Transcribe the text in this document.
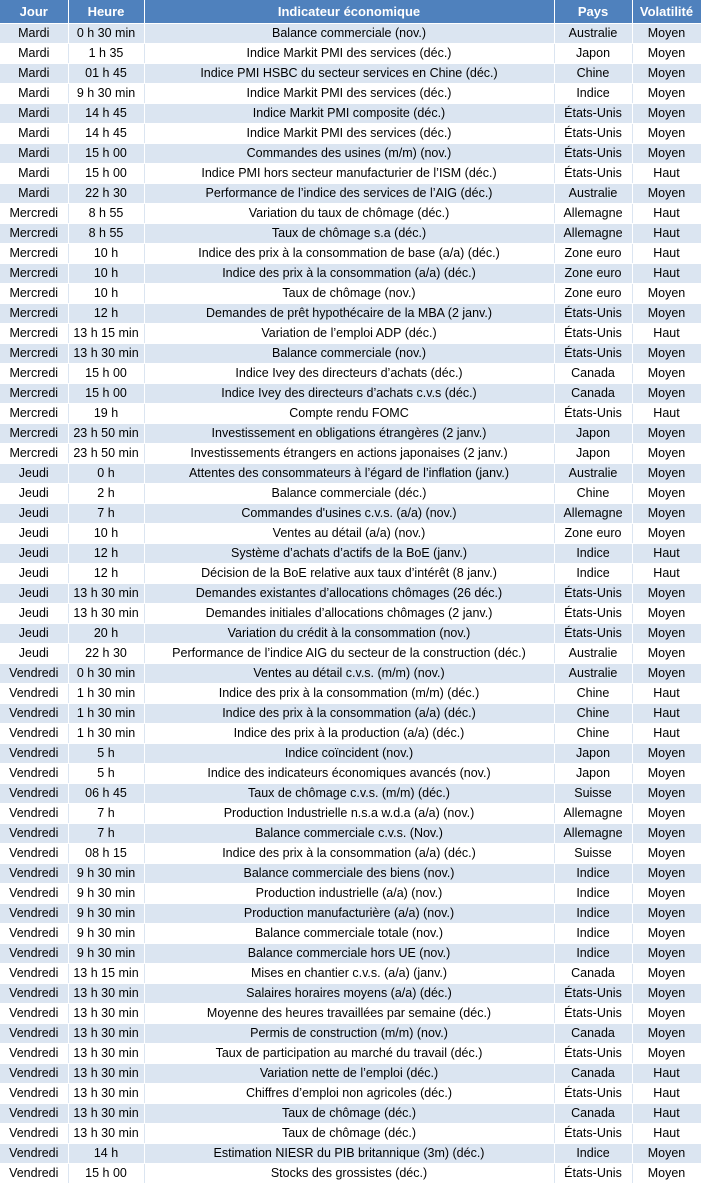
Jour	Heure	Indicateur économique	Pays	Volatilité
Mardi	0 h 30 min	Balance commerciale (nov.)	Australie	Moyen
Mardi	1 h 35	Indice Markit PMI des services (déc.)	Japon	Moyen
Mardi	01 h 45	Indice PMI HSBC du secteur services en Chine (déc.)	Chine	Moyen
Mardi	9 h 30 min	Indice Markit PMI des services (déc.)	Indice	Moyen
Mardi	14 h 45	Indice Markit PMI composite (déc.)	États-Unis	Moyen
Mardi	14 h 45	Indice Markit PMI des services (déc.)	États-Unis	Moyen
Mardi	15 h 00	Commandes des usines (m/m) (nov.)	États-Unis	Moyen
Mardi	15 h 00	Indice PMI hors secteur manufacturier de l’ISM (déc.)	États-Unis	Haut
Mardi	22 h 30	Performance de l’indice des services de l’AIG (déc.)	Australie	Moyen
Mercredi	8 h 55	Variation du taux de chômage (déc.)	Allemagne	Haut
Mercredi	8 h 55	Taux de chômage s.a (déc.)	Allemagne	Haut
Mercredi	10 h	Indice des prix à la consommation de base (a/a) (déc.)	Zone euro	Haut
Mercredi	10 h	Indice des prix à la consommation (a/a) (déc.)	Zone euro	Haut
Mercredi	10 h	Taux de chômage (nov.)	Zone euro	Moyen
Mercredi	12 h	Demandes de prêt hypothécaire de la MBA (2 janv.)	États-Unis	Moyen
Mercredi	13 h 15 min	Variation de l’emploi ADP (déc.)	États-Unis	Haut
Mercredi	13 h 30 min	Balance commerciale (nov.)	États-Unis	Moyen
Mercredi	15 h 00	Indice Ivey des directeurs d’achats (déc.)	Canada	Moyen
Mercredi	15 h 00	Indice Ivey des directeurs d’achats c.v.s (déc.)	Canada	Moyen
Mercredi	19 h	Compte rendu FOMC	États-Unis	Haut
Mercredi	23 h 50 min	Investissement en obligations étrangères (2 janv.)	Japon	Moyen
Mercredi	23 h 50 min	Investissements étrangers en actions japonaises (2 janv.)	Japon	Moyen
Jeudi	0 h	Attentes des consommateurs à l’égard de l’inflation (janv.)	Australie	Moyen
Jeudi	2 h	Balance commerciale (déc.)	Chine	Moyen
Jeudi	7 h	Commandes d'usines c.v.s. (a/a) (nov.)	Allemagne	Moyen
Jeudi	10 h	Ventes au détail (a/a) (nov.)	Zone euro	Moyen
Jeudi	12 h	Système d’achats d’actifs de la BoE (janv.)	Indice	Haut
Jeudi	12 h	Décision de la BoE relative aux taux d’intérêt (8 janv.)	Indice	Haut
Jeudi	13 h 30 min	Demandes existantes d’allocations chômages (26 déc.)	États-Unis	Moyen
Jeudi	13 h 30 min	Demandes initiales d’allocations chômages (2 janv.)	États-Unis	Moyen
Jeudi	20 h	Variation du crédit à la consommation (nov.)	États-Unis	Moyen
Jeudi	22 h 30	Performance de l’indice AIG du secteur de la construction (déc.)	Australie	Moyen
Vendredi	0 h 30 min	Ventes au détail c.v.s. (m/m) (nov.)	Australie	Moyen
Vendredi	1 h 30 min	Indice des prix à la consommation (m/m) (déc.)	Chine	Haut
Vendredi	1 h 30 min	Indice des prix à la consommation (a/a) (déc.)	Chine	Haut
Vendredi	1 h 30 min	Indice des prix à la production (a/a) (déc.)	Chine	Haut
Vendredi	5 h	Indice coïncident (nov.)	Japon	Moyen
Vendredi	5 h	Indice des indicateurs économiques avancés (nov.)	Japon	Moyen
Vendredi	06 h 45	Taux de chômage c.v.s. (m/m) (déc.)	Suisse	Moyen
Vendredi	7 h	Production Industrielle n.s.a w.d.a (a/a) (nov.)	Allemagne	Moyen
Vendredi	7 h	Balance commerciale c.v.s. (Nov.)	Allemagne	Moyen
Vendredi	08 h 15	Indice des prix à la consommation (a/a) (déc.)	Suisse	Moyen
Vendredi	9 h 30 min	Balance commerciale des biens (nov.)	Indice	Moyen
Vendredi	9 h 30 min	Production industrielle (a/a) (nov.)	Indice	Moyen
Vendredi	9 h 30 min	Production manufacturière (a/a) (nov.)	Indice	Moyen
Vendredi	9 h 30 min	Balance commerciale totale (nov.)	Indice	Moyen
Vendredi	9 h 30 min	Balance commerciale hors UE (nov.)	Indice	Moyen
Vendredi	13 h 15 min	Mises en chantier c.v.s. (a/a) (janv.)	Canada	Moyen
Vendredi	13 h 30 min	Salaires horaires moyens (a/a) (déc.)	États-Unis	Moyen
Vendredi	13 h 30 min	Moyenne des heures travaillées par semaine (déc.)	États-Unis	Moyen
Vendredi	13 h 30 min	Permis de construction (m/m) (nov.)	Canada	Moyen
Vendredi	13 h 30 min	Taux de participation au marché du travail (déc.)	États-Unis	Moyen
Vendredi	13 h 30 min	Variation nette de l’emploi (déc.)	Canada	Haut
Vendredi	13 h 30 min	Chiffres d’emploi non agricoles (déc.)	États-Unis	Haut
Vendredi	13 h 30 min	Taux de chômage (déc.)	Canada	Haut
Vendredi	13 h 30 min	Taux de chômage (déc.)	États-Unis	Haut
Vendredi	14 h	Estimation NIESR du PIB britannique (3m) (déc.)	Indice	Moyen
Vendredi	15 h 00	Stocks des grossistes (déc.)	États-Unis	Moyen
